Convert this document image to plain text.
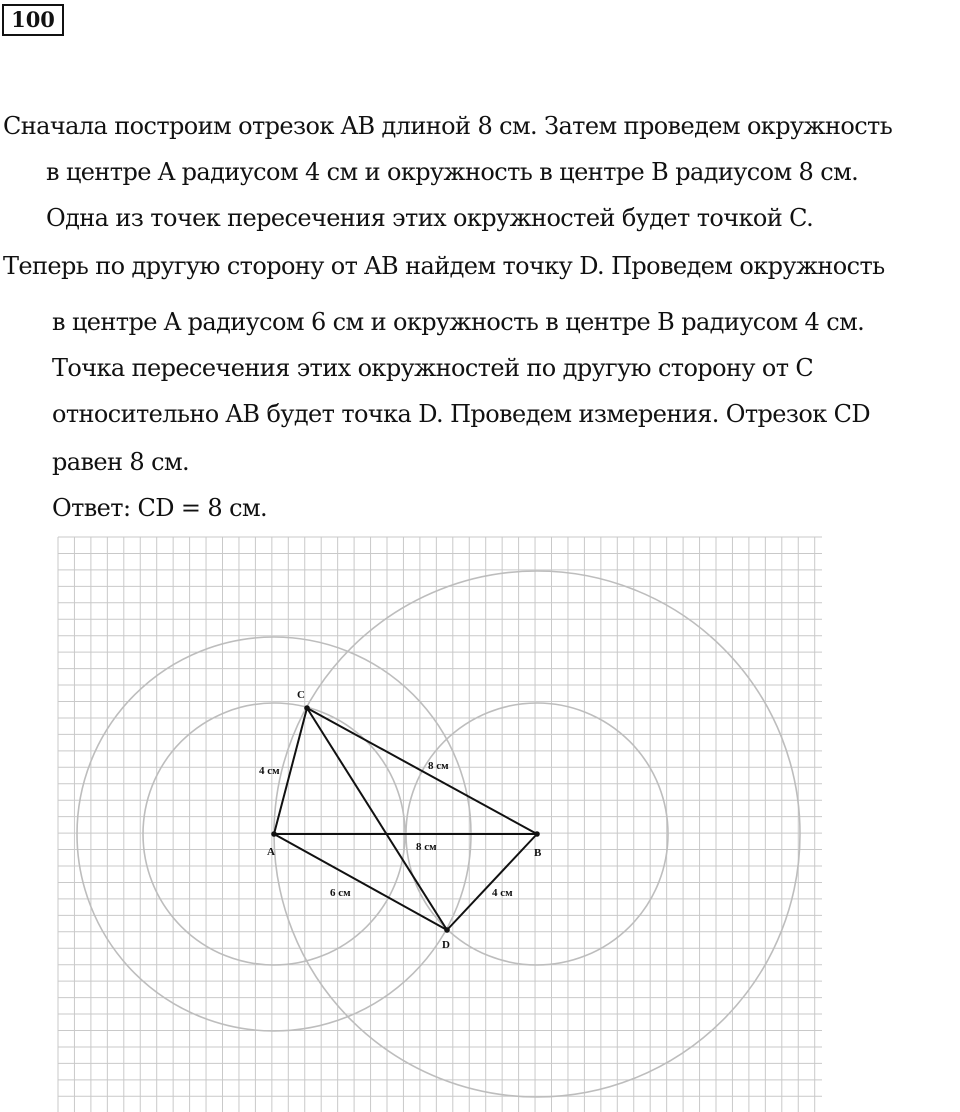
100
Сначала построим отрезок AB длиной 8 см. Затем проведем окружность
в центре A радиусом 4 см и окружность в центре B радиусом 8 см.
Одна из точек пересечения этих окружностей будет точкой C.
Теперь по другую сторону от AB найдем точку D. Проведем окружность
в центре A радиусом 6 см и окружность в центре B радиусом 4 см.
Точка пересечения этих окружностей по другую сторону от C
относительно AB будет точка D. Проведем измерения. Отрезок CD
равен 8 см.
Ответ: CD = 8 см.
A	B
C
D
4 см	8 см
8 см
6 см	4 см
